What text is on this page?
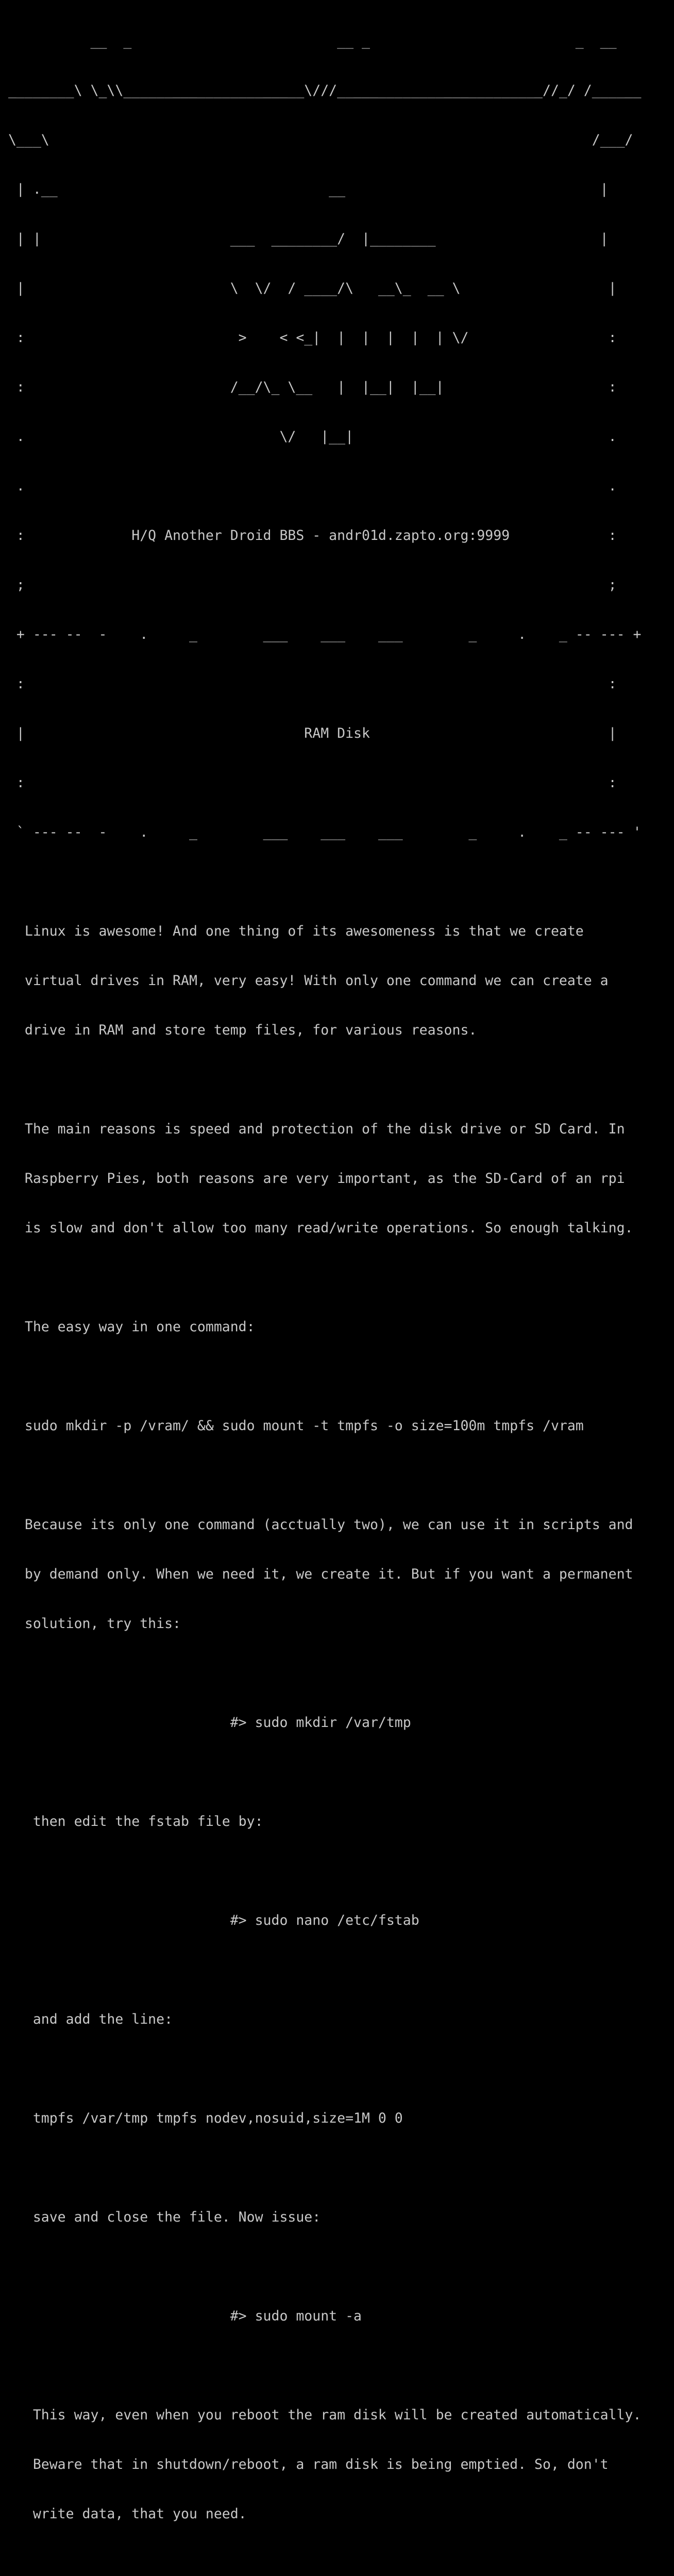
__  _                         __ _                         _  __

________\ \_\\______________________\///_________________________//_/ /______

\___\                                                                  /___/

| .__                                 __                               |

| |                       ___  ________/  |________                    |

|                         \  \/  / ____/\   __\_  __ \                  |

:                          >    < <_|  |  |  |  |  | \/                 :

:                         /__/\_ \__   |  |__|  |__|                    :

.                               \/   |__|                               .

.                                                                       .

:             H/Q Another Droid BBS - andr01d.zapto.org:9999            :

;                                                                       ;

+ --- --  -    .     _        ___    ___    ___        _     .    _ -- --- +

:                                                                       :

|                                  RAM Disk                             |

:                                                                       :

` --- --  -    .     _        ___    ___    ___        _     .    _ -- --- '

Linux is awesome! And one thing of its awesomeness is that we create

virtual drives in RAM, very easy! With only one command we can create a

drive in RAM and store temp files, for various reasons.

The main reasons is speed and protection of the disk drive or SD Card. In

Raspberry Pies, both reasons are very important, as the SD-Card of an rpi

is slow and don't allow too many read/write operations. So enough talking.

The easy way in one command:

sudo mkdir -p /vram/ && sudo mount -t tmpfs -o size=100m tmpfs /vram

Because its only one command (acctually two), we can use it in scripts and

by demand only. When we need it, we create it. But if you want a permanent

solution, try this:

#> sudo mkdir /var/tmp

then edit the fstab file by:

#> sudo nano /etc/fstab

and add the line:

tmpfs /var/tmp tmpfs nodev,nosuid,size=1M 0 0

save and close the file. Now issue:

#> sudo mount -a

This way, even when you reboot the ram disk will be created automatically.

Beware that in shutdown/reboot, a ram disk is being emptied. So, don't

write data, that you need.
